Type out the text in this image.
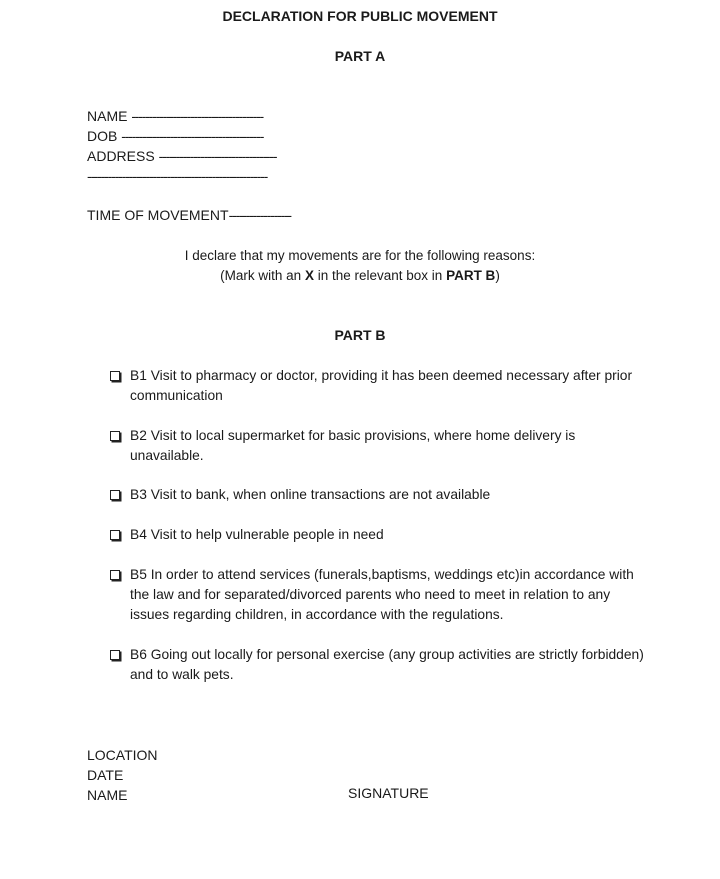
DECLARATION FOR PUBLIC MOVEMENT
PART A
NAME --------------------------------------
DOB -----------------------------------------
ADDRESS ----------------------------------
----------------------------------------------------
TIME OF MOVEMENT------------------
I declare that my movements are for the following reasons:
(Mark with an X in the relevant box in PART B)
PART B
B1 Visit to pharmacy or doctor, providing it has been deemed necessary after prior communication
B2 Visit to local supermarket for basic provisions, where home delivery is unavailable.
B3 Visit to bank, when online transactions are not available
B4 Visit to help vulnerable people in need
B5 In order to attend services (funerals,baptisms, weddings etc)in accordance with the law and for separated/divorced parents who need to meet in relation to any issues regarding children, in accordance with the regulations.
B6 Going out locally for personal exercise (any group activities are strictly forbidden) and to walk pets.
LOCATION
DATE
NAME	SIGNATURE
